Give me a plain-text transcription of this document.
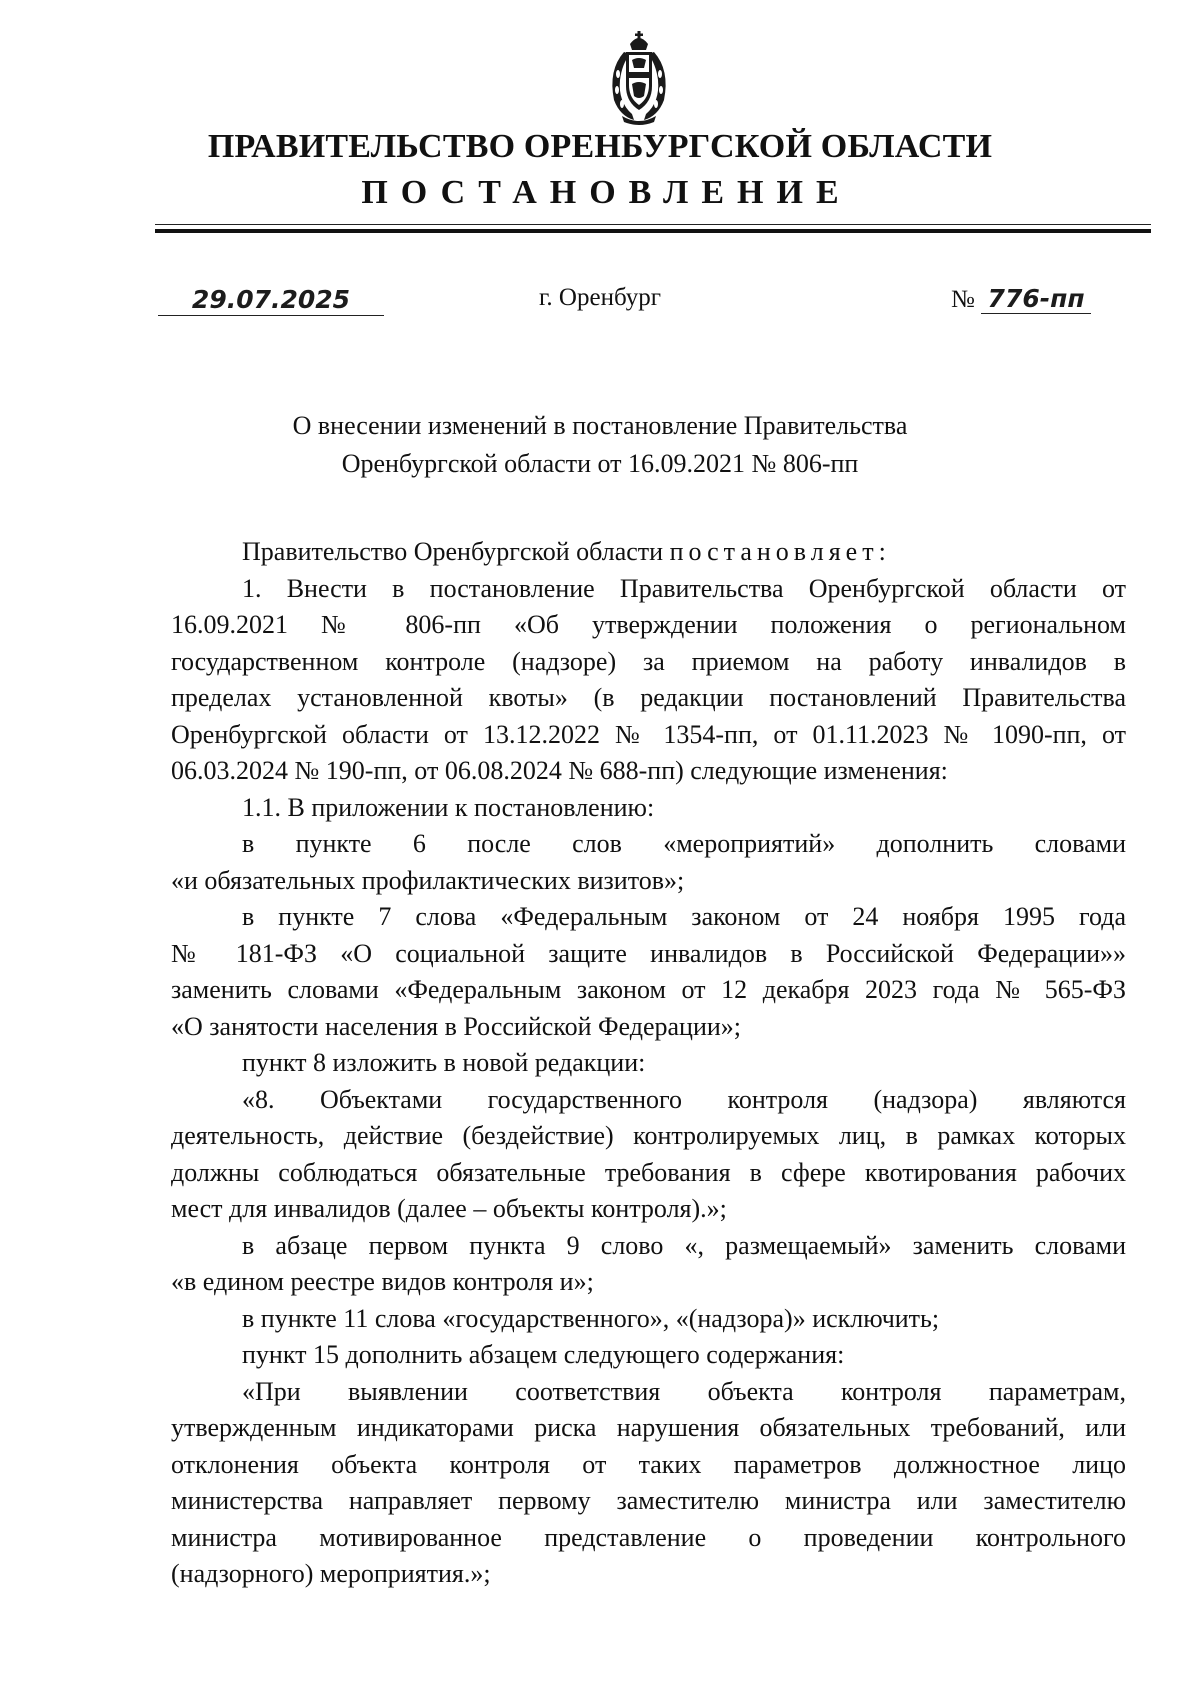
ПРАВИТЕЛЬСТВО ОРЕНБУРГСКОЙ ОБЛАСТИ
ПОСТАНОВЛЕНИЕ
29.07.2025	г. Оренбург	№ 776-пп
О внесении изменений в постановление Правительства
Оренбургской области от 16.09.2021 № 806-пп

Правительство Оренбургской области постановляет:

1. Внести в постановление Правительства Оренбургской области от

16.09.2021 № 806-пп «Об утверждении положения о региональном

государственном контроле (надзоре) за приемом на работу инвалидов в

пределах установленной квоты» (в редакции постановлений Правительства

Оренбургской области от 13.12.2022 № 1354-пп, от 01.11.2023 № 1090-пп, от

06.03.2024 № 190-пп, от 06.08.2024 № 688-пп) следующие изменения:

1.1. В приложении к постановлению:

в пункте 6 после слов «мероприятий» дополнить словами

«и обязательных профилактических визитов»;

в пункте 7 слова «Федеральным законом от 24 ноября 1995 года

№ 181-ФЗ «О социальной защите инвалидов в Российской Федерации»»

заменить словами «Федеральным законом от 12 декабря 2023 года № 565-ФЗ

«О занятости населения в Российской Федерации»;

пункт 8 изложить в новой редакции:

«8. Объектами государственного контроля (надзора) являются

деятельность, действие (бездействие) контролируемых лиц, в рамках которых

должны соблюдаться обязательные требования в сфере квотирования рабочих

мест для инвалидов (далее – объекты контроля).»;

в абзаце первом пункта 9 слово «, размещаемый» заменить словами

«в едином реестре видов контроля и»;

в пункте 11 слова «государственного», «(надзора)» исключить;

пункт 15 дополнить абзацем следующего содержания:

«При выявлении соответствия объекта контроля параметрам,

утвержденным индикаторами риска нарушения обязательных требований, или

отклонения объекта контроля от таких параметров должностное лицо

министерства направляет первому заместителю министра или заместителю

министра мотивированное представление о проведении контрольного

(надзорного) мероприятия.»;
